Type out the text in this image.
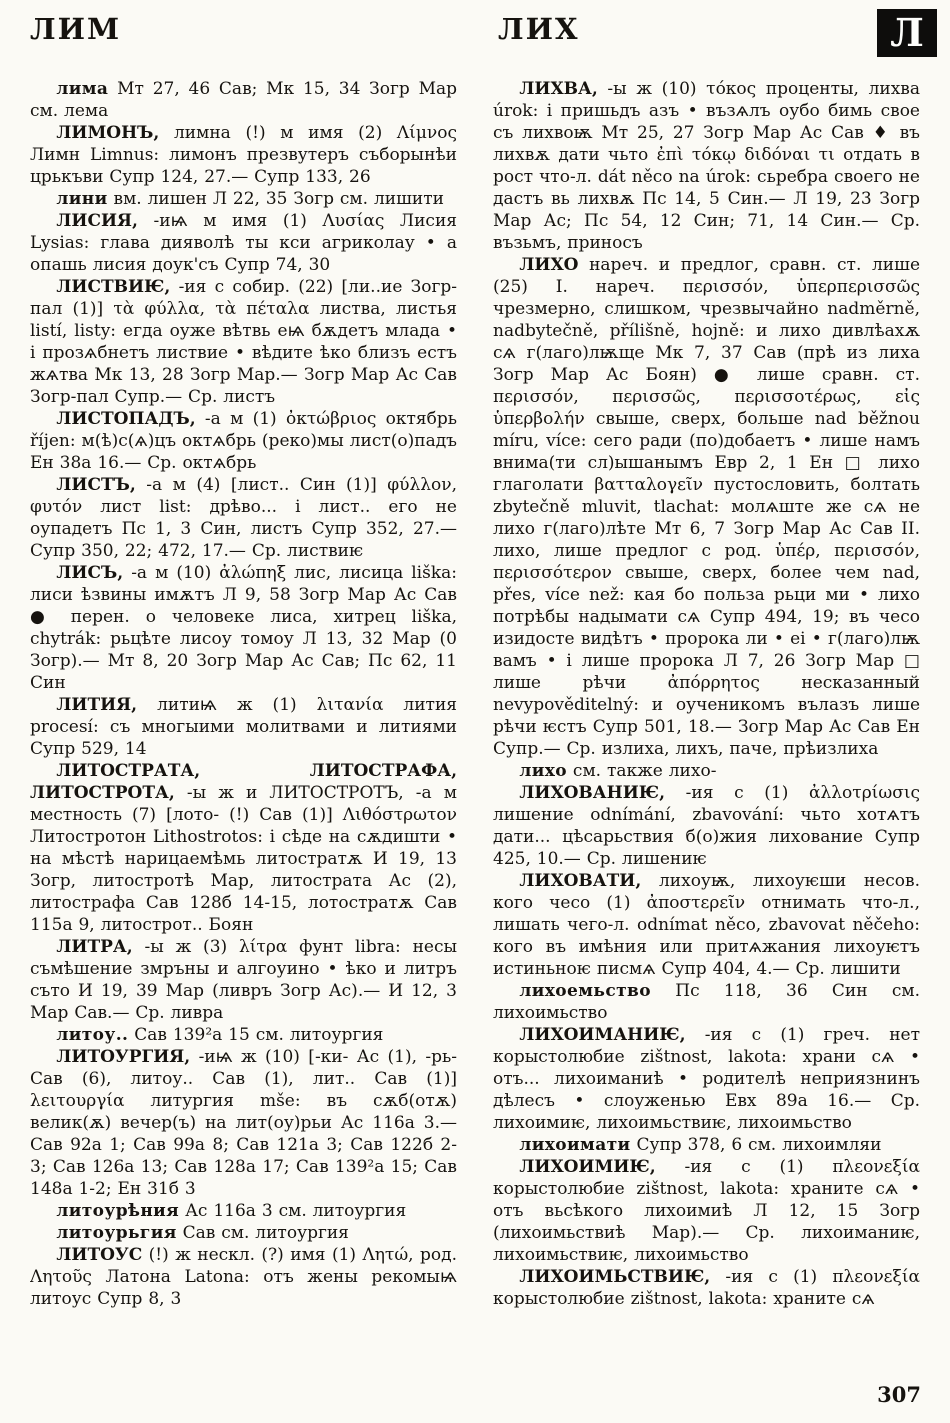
ЛИМ	ЛИХ	Л

лима Мт 27, 46 Сав; Мк 15, 34 Зогр Мар см. лема

ЛИМОНЪ, лимна (!) м имя (2) Λίμνος Лимн Limnus: лимонъ презвутеръ съборынѣи црькъви Супр 124, 27.— Супр 133, 26

лини вм. лишен Л 22, 35 Зогр см. лишити

ЛИСИЯ, -иѩ м имя (1) Λυσίας Лисия Lysias: глава дияволѣ ты кси агриколау • а опашь лисия доук'съ Супр 74, 30

ЛИСТВИѤ, -ия с собир. (22) [ли..ие Зогр-пал (1)] τὰ φύλλα, τὰ πέταλα листва, листья listí, listy: егда оуже вѣтвь еѩ бѫдетъ млада • і прозѧбнетъ листвие • вѣдите ѣко близъ естъ жѧтва Мк 13, 28 Зогр Мар.— Зогр Мар Ас Сав Зогр-пал Супр.— Ср. листъ

ЛИСТОПАДЪ, -а м (1) ὀκτώβριος октябрь říjen: м(ѣ)с(ѧ)цъ октѧбрь (реко)мы лист(о)падъ Ен 38а 16.— Ср. октѧбрь

ЛИСТЪ, -а м (4) [лист.. Син (1)] φύλλον, φυτόν лист list: дрѣво... і лист.. его не оупадетъ Пс 1, 3 Син, листъ Супр 352, 27.— Супр 350, 22; 472, 17.— Ср. листвиѥ

ЛИСЪ, -а м (10) ἀλώπηξ лис, лисица liška: лиси ѣзвины имѫтъ Л 9, 58 Зогр Мар Ас Сав ● перен. о человеке лиса, хитрец liška, chytrák: рьцѣте лисоу томоу Л 13, 32 Мар (0 Зогр).— Мт 8, 20 Зогр Мар Ас Сав; Пс 62, 11 Син

ЛИТИЯ, литиѩ ж (1) λιτανία лития procesí: съ многыими молитвами и литиями Супр 529, 14

ЛИТОСТРАТА, ЛИТОСТРАФА, ЛИТОСТРОТА, -ы ж и ЛИТОСТРОТЪ, -а м местность (7) [лото- (!) Сав (1)] Λιθόστρωτον Литостротон Lithostrotos: і сѣде на сѫдишти • на мѣстѣ нарицаемѣмь литостратѫ И 19, 13 Зогр, литостротѣ Мар, литострата Ас (2), литострафа Сав 128б 14-15, лотостратѫ Сав 115а 9, литострот.. Боян

ЛИТРА, -ы ж (3) λίτρα фунт libra: несы съмѣшение змръны и алгоуино • ѣко и литръ съто И 19, 39 Мар (ливръ Зогр Ас).— И 12, 3 Мар Сав.— Ср. ливра

литоу.. Сав 139²а 15 см. литоургия

ЛИТОУРГИЯ, -иѩ ж (10) [-ки- Ас (1), -рь- Сав (6), литоу.. Сав (1), лит.. Сав (1)] λειτουργία литургия mše: въ сѫб(отѫ) велик(ѫ) вечер(ъ) на лит(оу)рьи Ас 116а 3.— Сав 92а 1; Сав 99а 8; Сав 121а 3; Сав 122б 2-3; Сав 126а 13; Сав 128а 17; Сав 139²а 15; Сав 148а 1-2; Ен 31б 3

литоурѣния Ас 116а 3 см. литоургия

литоурьгия Сав см. литоургия

ЛИТОУС (!) ж нескл. (?) имя (1) Λητώ, род. Λητοῦς Латона Latona: отъ жены рекомыѩ литоус Супр 8, 3

ЛИХВА, -ы ж (10) τόκος проценты, лихва úrok: і пришьдъ азъ • възѧлъ оубо бимь свое съ лихвоѭ Мт 25, 27 Зогр Мар Ас Сав ♦ въ лихвѫ дати чьто ἐπὶ τόκῳ διδόναι τι отдать в рост что-л. dát něco na úrok: сьребра своего не дастъ вь лихвѫ Пс 14, 5 Син.— Л 19, 23 Зогр Мар Ас; Пс 54, 12 Син; 71, 14 Син.— Ср. възьмъ, приносъ

ЛИХО нареч. и предлог, сравн. ст. лише (25) I. нареч. περισσόν, ὑπερπερισσῶς чрезмерно, слишком, чрезвычайно nadměrně, nadbytečně, přílišně, hojně: и лихо дивлѣахѫ сѧ г(лаго)лѭще Мк 7, 37 Сав (прѣ из лиха Зогр Мар Ас Боян) ● лише сравн. ст. περισσόν, περισσῶς, περισσοτέρως, εἰς ὑπερβολήν свыше, сверх, больше nad běžnou míru, více: сего ради (по)добаетъ • лише намъ внима(ти сл)ышанымъ Евр 2, 1 Ен □ лихо глаголати βατταλογεῖν пустословить, болтать zbytečně mluvit, tlachat: молѧште же сѧ не лихо г(лаго)лѣте Мт 6, 7 Зогр Мар Ас Сав II. лихо, лише предлог с род. ὑπέρ, περισσόν, περισσότερον свыше, сверх, более чем nad, přes, více než: кая бо польза рьци ми • лихо потрѣбы надымати сѧ Супр 494, 19; въ чесо изидосте видѣтъ • пророка ли • еі • г(лаго)лѭ вамъ • і лише пророка Л 7, 26 Зогр Мар □ лише рѣчи ἀπόρρητος несказанный nevypověditelný: и оученикомъ вълазъ лише рѣчи ѥстъ Супр 501, 18.— Зогр Мар Ас Сав Ен Супр.— Ср. излиха, лихъ, паче, прѣизлиха

лихо см. также лихо-

ЛИХОВАНИѤ, -ия с (1) ἀλλοτρίωσις лишение odnímání, zbavování: чьто хотѧтъ дати... цѣсарьствия б(о)жия лихование Супр 425, 10.— Ср. лишениѥ

ЛИХОВАТИ, лихоуѭ, лихоуѥши несов. кого чесо (1) ἀποστερεῖν отнимать что-л., лишать чего-л. odnímat něco, zbavovat něčeho: кого въ имѣния или притѧжания лихоуѥтъ истиньноѥ писмѧ Супр 404, 4.— Ср. лишити

лихоемьство Пс 118, 36 Син см. лихоимьство

ЛИХОИМАНИѤ, -ия с (1) греч. нет корыстолюбие zištnost, lakota: храни сѧ • отъ... лихоиманиѣ • родителѣ неприязнинъ дѣлесъ • слоуженью Евх 89а 16.— Ср. лихоимиѥ, лихоимьствиѥ, лихоимьство

лихоимати Супр 378, 6 см. лихоимляи

ЛИХОИМИѤ, -ия с (1) πλεονεξία корыстолюбие zištnost, lakota: храните сѧ • отъ вьсѣкого лихоимиѣ Л 12, 15 Зогр (лихоимьствиѣ Мар).— Ср. лихоиманиѥ, лихоимьствиѥ, лихоимьство

ЛИХОИМЬСТВИѤ, -ия с (1) πλεονεξία корыстолюбие zištnost, lakota: храните сѧ

307
